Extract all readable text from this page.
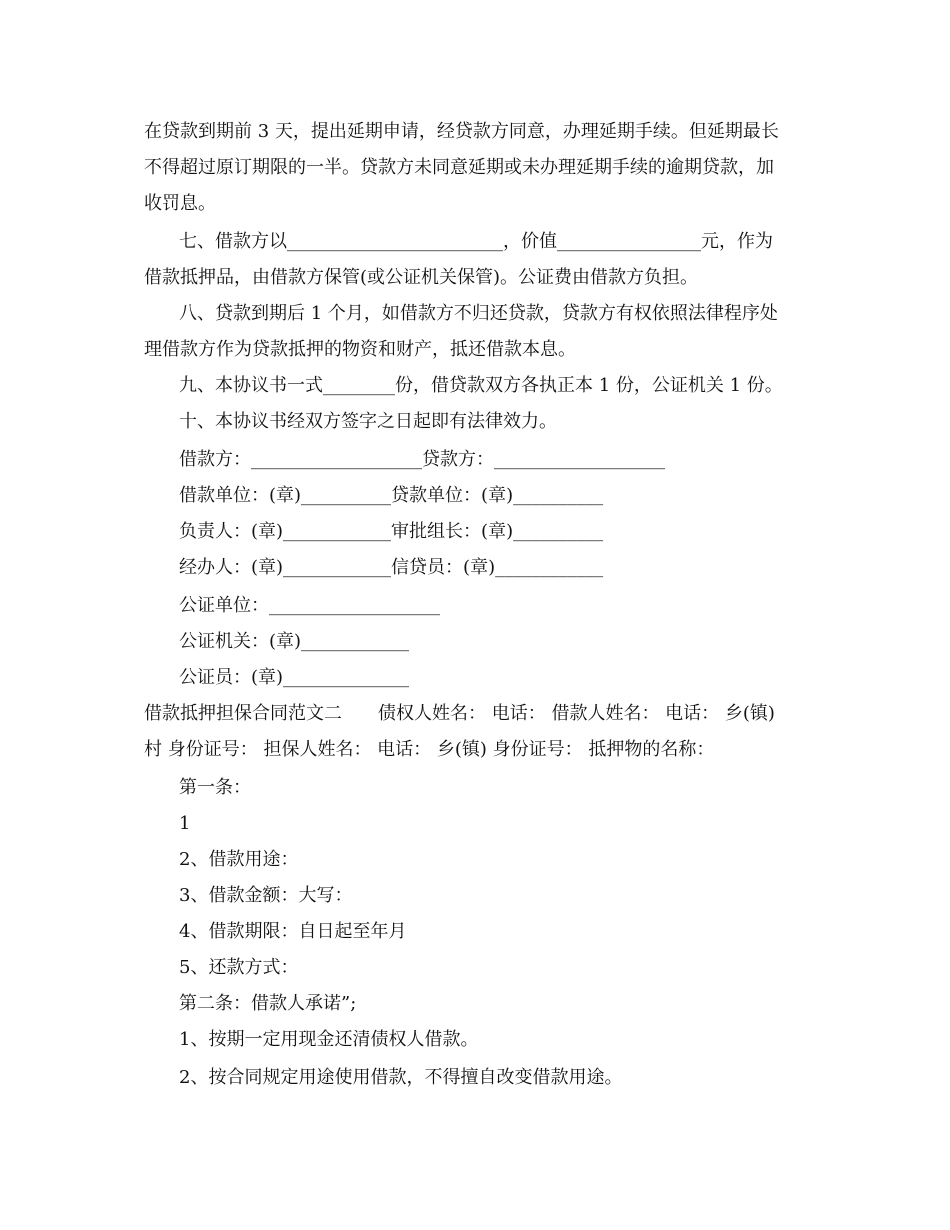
在贷款到期前 3 天，提出延期申请，经贷款方同意，办理延期手续。但延期最长
不得超过原订期限的一半。贷款方未同意延期或未办理延期手续的逾期贷款，加
收罚息。
七、借款方以________________________，价值________________元，作为
借款抵押品，由借款方保管(或公证机关保管)。公证费由借款方负担。
八、贷款到期后 1 个月，如借款方不归还贷款，贷款方有权依照法律程序处
理借款方作为贷款抵押的物资和财产，抵还借款本息。
九、本协议书一式________份，借贷款双方各执正本 1 份，公证机关 1 份。
十、本协议书经双方签字之日起即有法律效力。
借款方：___________________贷款方：___________________
借款单位：(章)__________贷款单位：(章)__________
负责人：(章)____________审批组长：(章)__________
经办人：(章)____________信贷员：(章)____________
公证单位：___________________
公证机关：(章)____________
公证员：(章)______________
借款抵押担保合同范文二　　债权人姓名： 电话： 借款人姓名： 电话： 乡(镇)
村 身份证号： 担保人姓名： 电话： 乡(镇) 身份证号： 抵押物的名称：
第一条：
1
2、借款用途：
3、借款金额：大写：
4、借款期限：自日起至年月
5、还款方式：
第二条：借款人承诺”;
1、按期一定用现金还清债权人借款。
2、按合同规定用途使用借款，不得擅自改变借款用途。
